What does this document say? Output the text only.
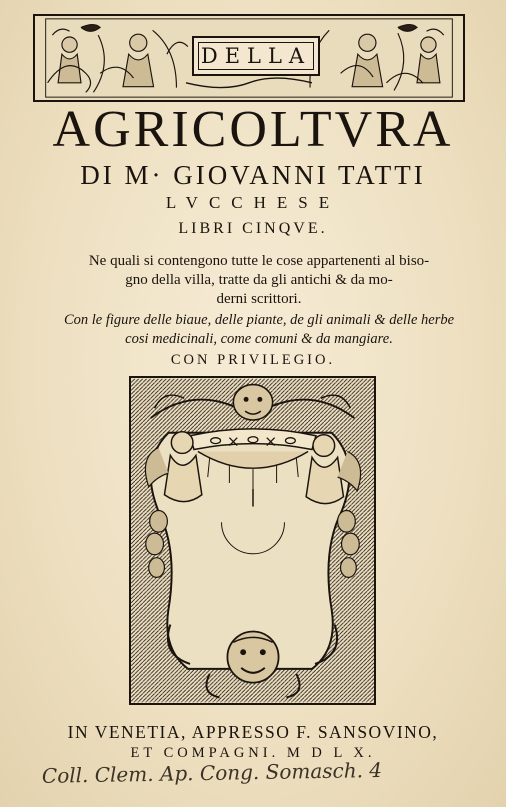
DELLA
AGRICOLTVRA
DI M· GIOVANNI TATTI
LVCCHESE
LIBRI CINQVE.
Ne quali si contengono tutte le cose appartenenti al biso-
gno della villa, tratte da gli antichi & da mo-
derni scrittori.
Con le figure delle biaue, delle piante, de gli animali & delle herbe
cosi medicinali, come comuni & da mangiare.
CON PRIVILEGIO.
IN VENETIA, APPRESSO F. SANSOVINO,
ET COMPAGNI. M D L X.
Coll. Clem. Ap. Cong. Somasch. 4
